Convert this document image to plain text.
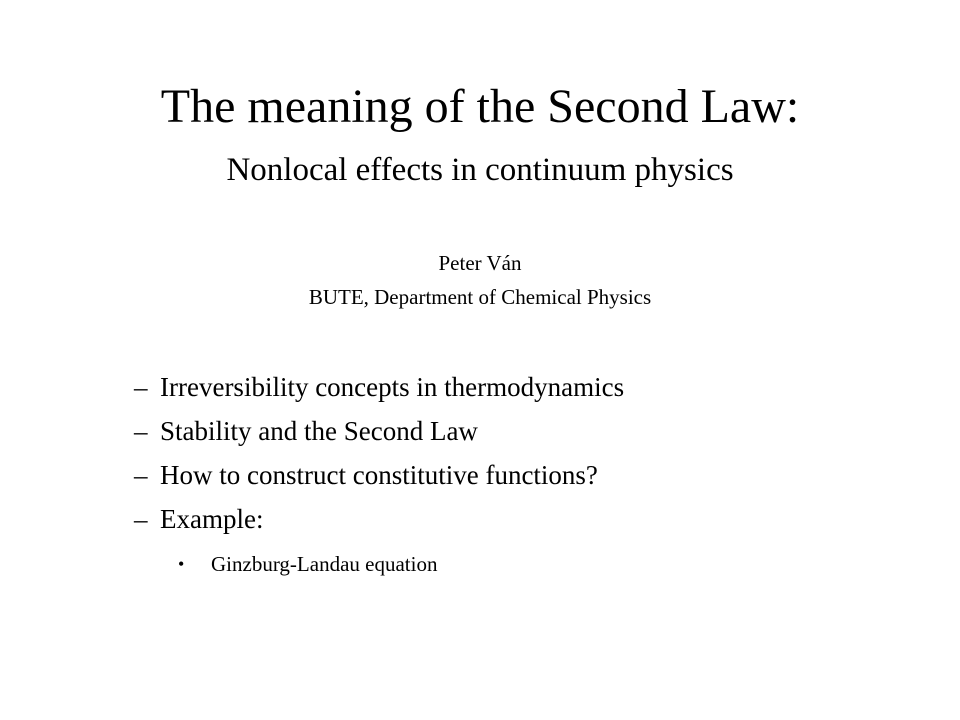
The meaning of the Second Law:
Nonlocal effects in continuum physics
Peter Ván
BUTE, Department of Chemical Physics
– Irreversibility concepts in thermodynamics
– Stability and the Second Law
– How to construct constitutive functions?
– Example:
• Ginzburg-Landau equation
